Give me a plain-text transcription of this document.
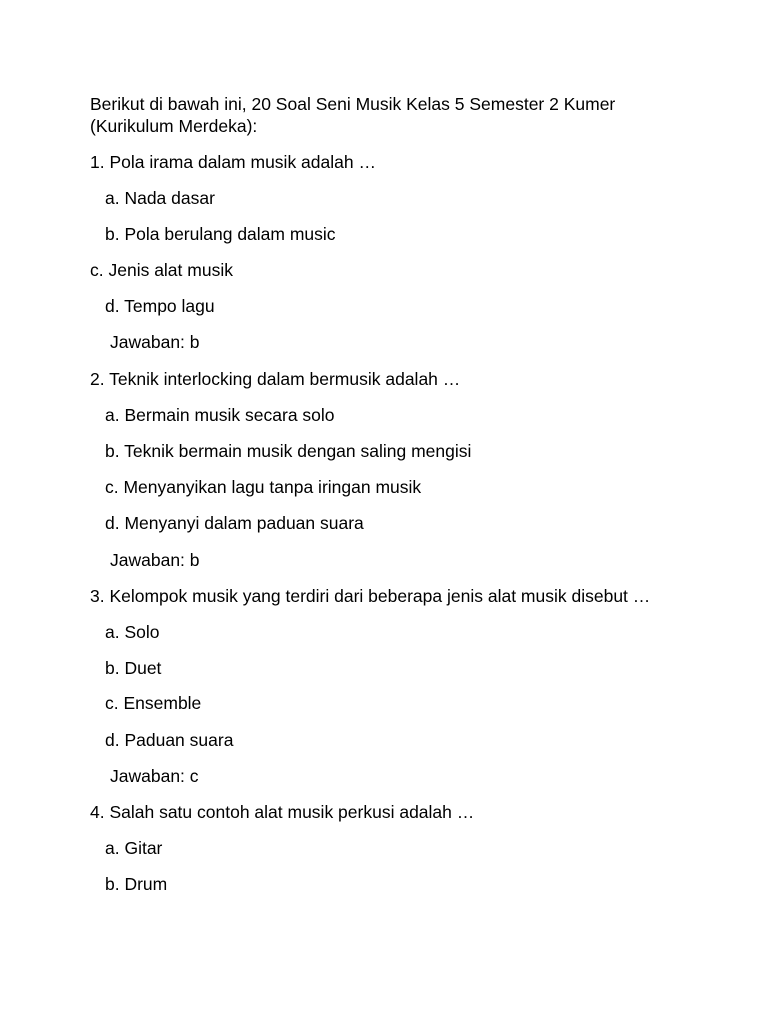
Berikut di bawah ini, 20 Soal Seni Musik Kelas 5 Semester 2 Kumer
(Kurikulum Merdeka):

1. Pola irama dalam musik adalah …

a. Nada dasar

b. Pola berulang dalam music

c. Jenis alat musik

d. Tempo lagu

Jawaban: b

2. Teknik interlocking dalam bermusik adalah …

a. Bermain musik secara solo

b. Teknik bermain musik dengan saling mengisi

c. Menyanyikan lagu tanpa iringan musik

d. Menyanyi dalam paduan suara

Jawaban: b

3. Kelompok musik yang terdiri dari beberapa jenis alat musik disebut …

a. Solo

b. Duet

c. Ensemble

d. Paduan suara

Jawaban: c

4. Salah satu contoh alat musik perkusi adalah …

a. Gitar

b. Drum
